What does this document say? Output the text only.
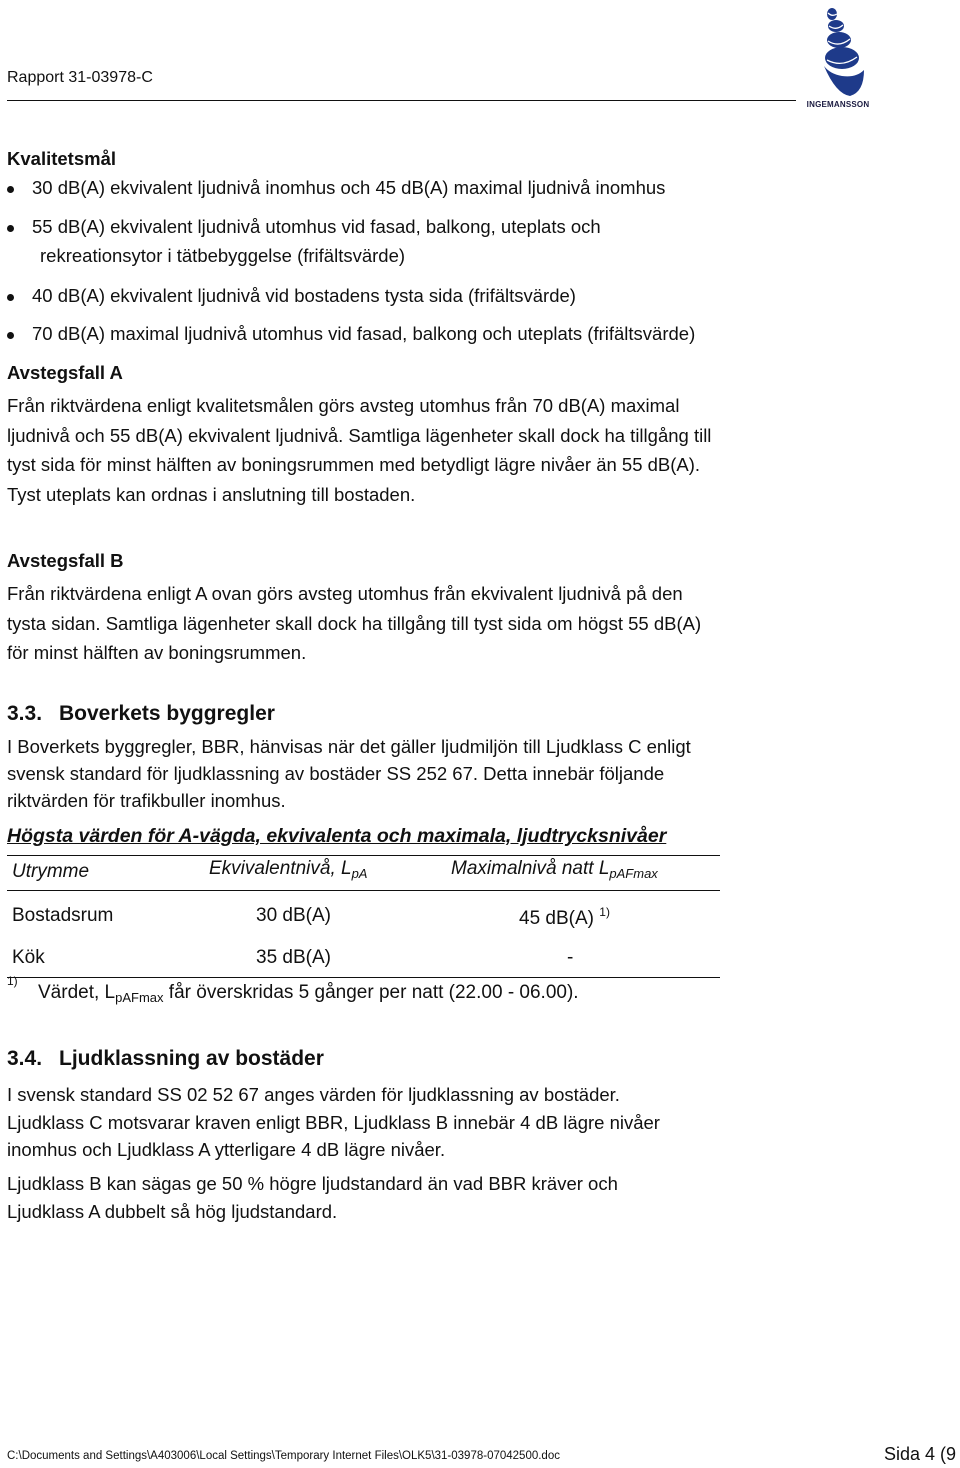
Rapport 31-03978-C
INGEMANSSON
Kvalitetsmål
30 dB(A) ekvivalent ljudnivå inomhus och 45 dB(A) maximal ljudnivå inomhus
55 dB(A) ekvivalent ljudnivå utomhus vid fasad, balkong, uteplats och
rekreationsytor i tätbebyggelse (frifältsvärde)
40 dB(A) ekvivalent ljudnivå vid bostadens tysta sida (frifältsvärde)
70 dB(A) maximal ljudnivå utomhus vid fasad, balkong och uteplats (frifältsvärde)
Avstegsfall A
Från riktvärdena enligt kvalitetsmålen görs avsteg utomhus från 70 dB(A) maximal
ljudnivå och 55 dB(A) ekvivalent ljudnivå. Samtliga lägenheter skall dock ha tillgång till
tyst sida för minst hälften av boningsrummen med betydligt lägre nivåer än 55 dB(A).
Tyst uteplats kan ordnas i anslutning till bostaden.
Avstegsfall B
Från riktvärdena enligt A ovan görs avsteg utomhus från ekvivalent ljudnivå på den
tysta sidan. Samtliga lägenheter skall dock ha tillgång till tyst sida om högst 55 dB(A)
för minst hälften av boningsrummen.
3.3. Boverkets byggregler
I Boverkets byggregler, BBR, hänvisas när det gäller ljudmiljön till Ljudklass C enligt
svensk standard för ljudklassning av bostäder SS 252 67. Detta innebär följande
riktvärden för trafikbuller inomhus.
Högsta värden för A-vägda, ekvivalenta och maximala, ljudtrycksnivåer
Utrymme	Ekvivalentnivå, $L_{pA}$	Maximalnivå natt $L_{pAFmax}$
Bostadsrum	30 dB(A)	45 dB(A) $^{1)}$
Kök	35 dB(A)	-
1)
Värdet, $L_{pAFmax}$ får överskridas 5 gånger per natt (22.00 - 06.00).
3.4. Ljudklassning av bostäder
I svensk standard SS 02 52 67 anges värden för ljudklassning av bostäder.
Ljudklass C motsvarar kraven enligt BBR, Ljudklass B innebär 4 dB lägre nivåer
inomhus och Ljudklass A ytterligare 4 dB lägre nivåer.
Ljudklass B kan sägas ge 50 % högre ljudstandard än vad BBR kräver och
Ljudklass A dubbelt så hög ljudstandard.
C:\Documents and Settings\A403006\Local Settings\Temporary Internet Files\OLK5\31-03978-07042500.doc	Sida 4 (9
